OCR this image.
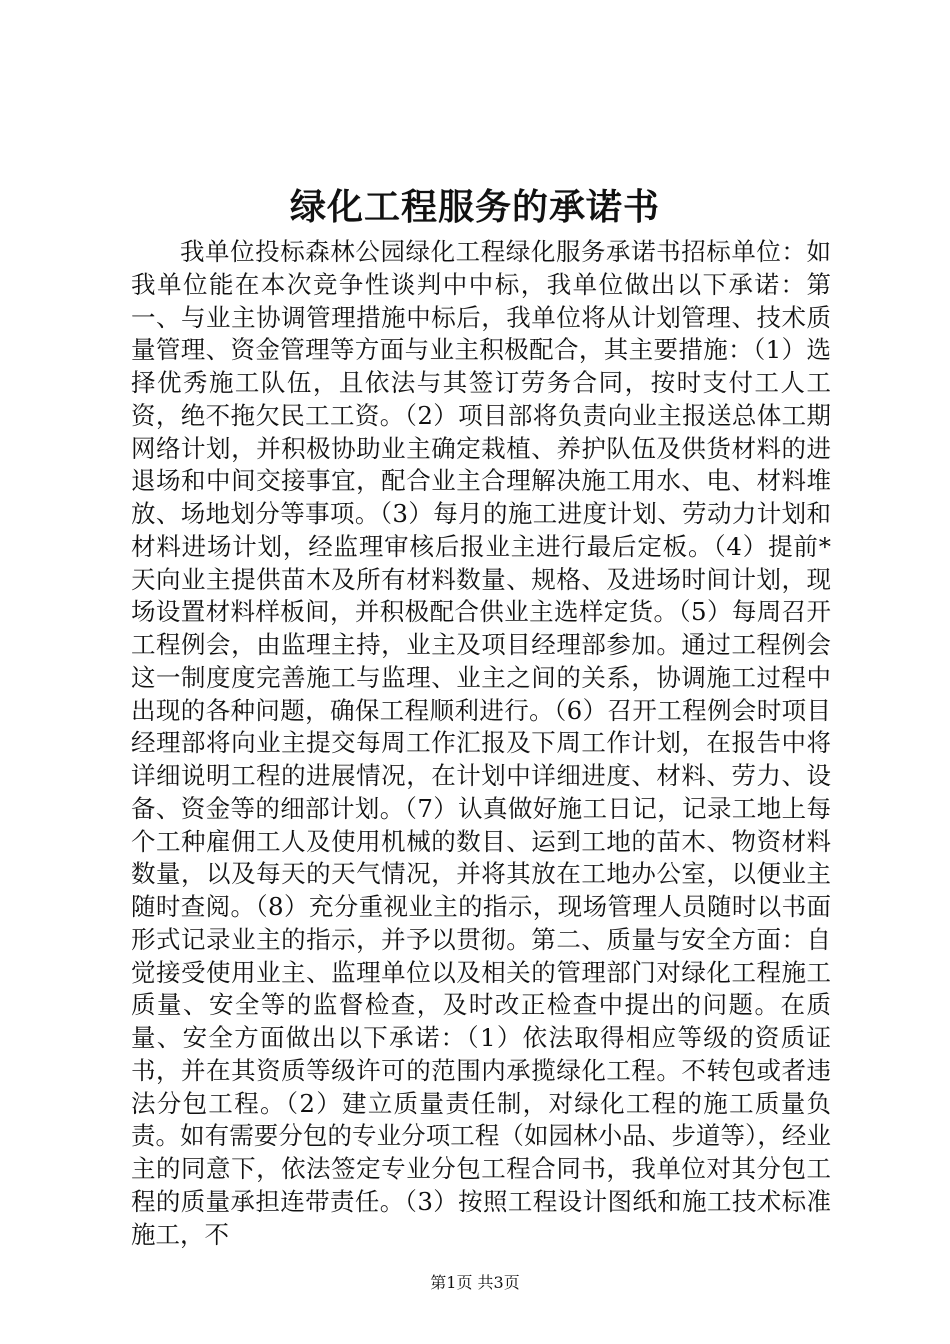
绿化工程服务的承诺书

我单位投标森林公园绿化工程绿化服务承诺书招标单位：如我单位能在本次竞争性谈判中中标，我单位做出以下承诺：第一、与业主协调管理措施中标后，我单位将从计划管理、技术质量管理、资金管理等方面与业主积极配合，其主要措施：（1）选择优秀施工队伍，且依法与其签订劳务合同，按时支付工人工资，绝不拖欠民工工资。（2）项目部将负责向业主报送总体工期网络计划，并积极协助业主确定栽植、养护队伍及供货材料的进退场和中间交接事宜，配合业主合理解决施工用水、电、材料堆放、场地划分等事项。（3）每月的施工进度计划、劳动力计划和材料进场计划，经监理审核后报业主进行最后定板。（4）提前*天向业主提供苗木及所有材料数量、规格、及进场时间计划，现场设置材料样板间，并积极配合供业主选样定货。（5）每周召开工程例会，由监理主持，业主及项目经理部参加。通过工程例会这一制度度完善施工与监理、业主之间的关系，协调施工过程中出现的各种问题，确保工程顺利进行。（6）召开工程例会时项目经理部将向业主提交每周工作汇报及下周工作计划，在报告中将详细说明工程的进展情况，在计划中详细进度、材料、劳力、设备、资金等的细部计划。（7）认真做好施工日记，记录工地上每个工种雇佣工人及使用机械的数目、运到工地的苗木、物资材料数量，以及每天的天气情况，并将其放在工地办公室，以便业主随时查阅。（8）充分重视业主的指示，现场管理人员随时以书面形式记录业主的指示，并予以贯彻。第二、质量与安全方面：自觉接受使用业主、监理单位以及相关的管理部门对绿化工程施工质量、安全等的监督检查，及时改正检查中提出的问题。在质量、安全方面做出以下承诺：（1）依法取得相应等级的资质证书，并在其资质等级许可的范围内承揽绿化工程。不转包或者违法分包工程。（2）建立质量责任制，对绿化工程的施工质量负责。如有需要分包的专业分项工程（如园林小品、步道等），经业主的同意下，依法签定专业分包工程合同书，我单位对其分包工程的质量承担连带责任。（3）按照工程设计图纸和施工技术标准施工，不

第1页 共3页
